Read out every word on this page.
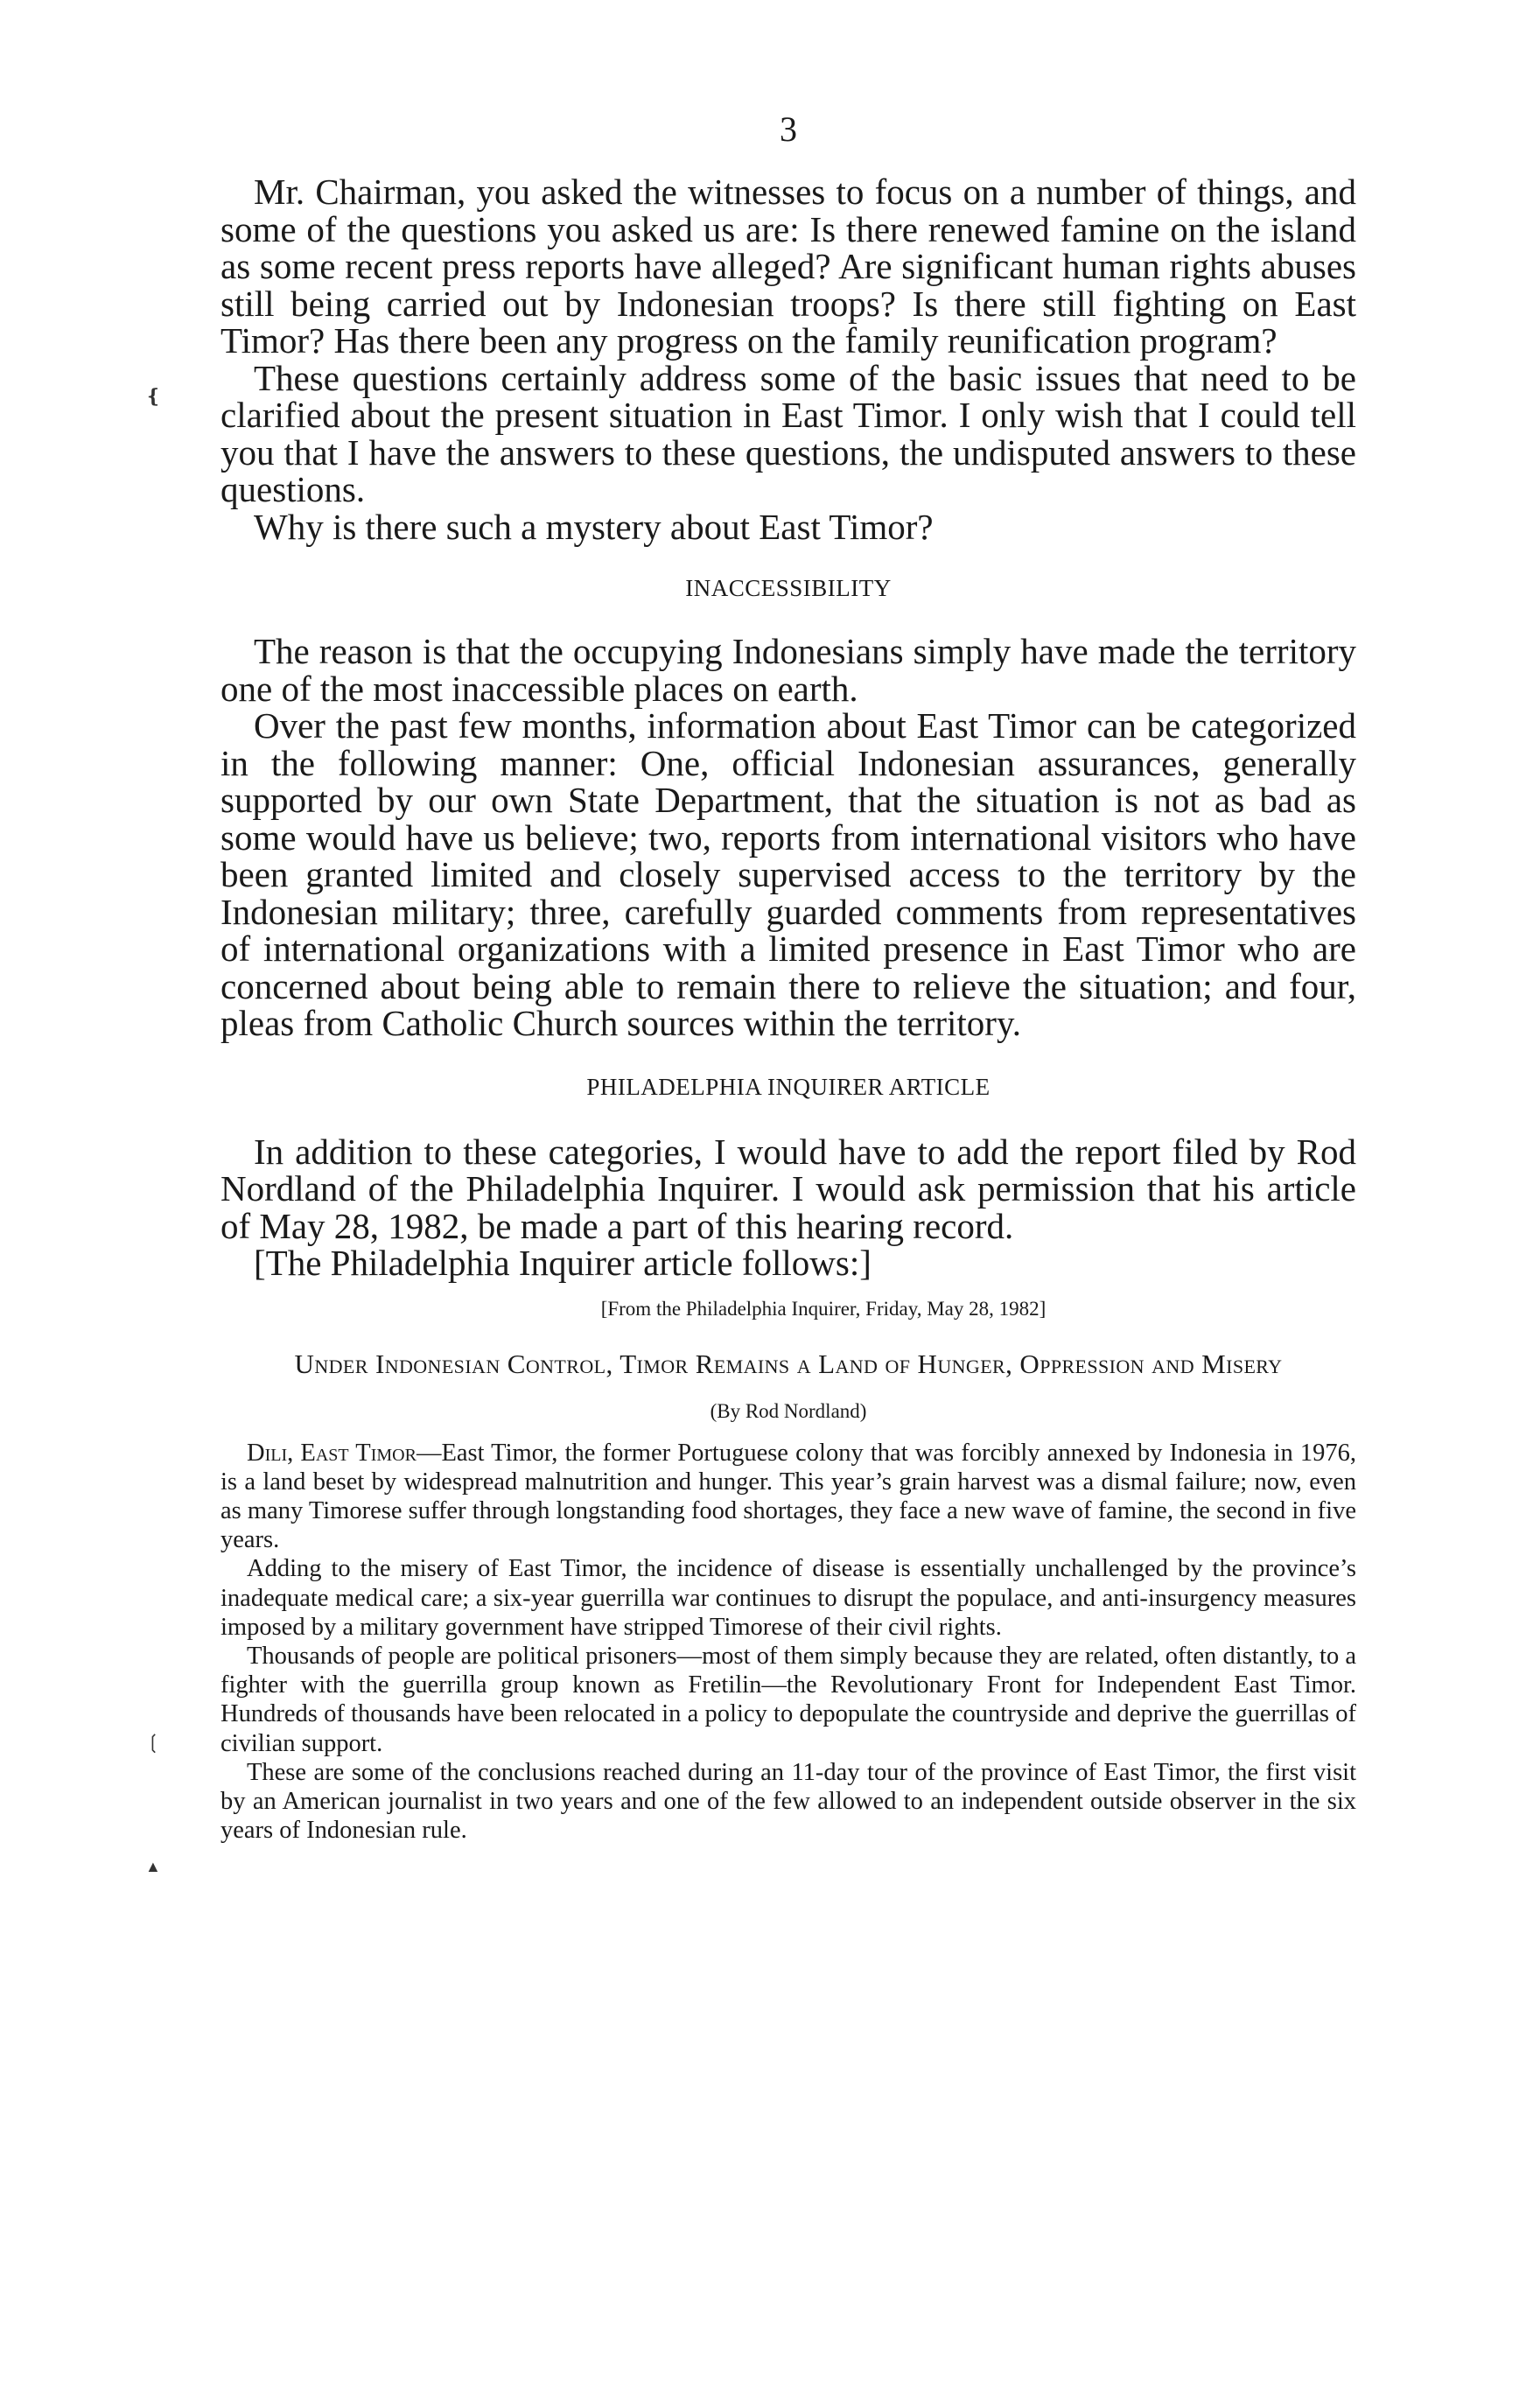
❴
❲
▲
3

Mr. Chairman, you asked the witnesses to focus on a number of things, and some of the questions you asked us are: Is there renewed famine on the island as some recent press reports have alleged? Are significant human rights abuses still being carried out by Indonesian troops? Is there still fighting on East Timor? Has there been any progress on the family reunification program?

These questions certainly address some of the basic issues that need to be clarified about the present situation in East Timor. I only wish that I could tell you that I have the answers to these questions, the undisputed answers to these questions.

Why is there such a mystery about East Timor?

INACCESSIBILITY

The reason is that the occupying Indonesians simply have made the territory one of the most inaccessible places on earth.

Over the past few months, information about East Timor can be categorized in the following manner: One, official Indonesian assurances, generally supported by our own State Department, that the situation is not as bad as some would have us believe; two, reports from international visitors who have been granted limited and closely supervised access to the territory by the Indonesian military; three, carefully guarded comments from representatives of international organizations with a limited presence in East Timor who are concerned about being able to remain there to relieve the situation; and four, pleas from Catholic Church sources within the territory.

PHILADELPHIA INQUIRER ARTICLE

In addition to these categories, I would have to add the report filed by Rod Nordland of the Philadelphia Inquirer. I would ask permission that his article of May 28, 1982, be made a part of this hearing record.

[The Philadelphia Inquirer article follows:]

[From the Philadelphia Inquirer, Friday, May 28, 1982]
Under Indonesian Control, Timor Remains a Land of Hunger, Oppression and Misery
(By Rod Nordland)

Dili, East Timor—East Timor, the former Portuguese colony that was forcibly annexed by Indonesia in 1976, is a land beset by widespread malnutrition and hunger. This year’s grain harvest was a dismal failure; now, even as many Timorese suffer through longstanding food shortages, they face a new wave of famine, the second in five years.

Adding to the misery of East Timor, the incidence of disease is essentially unchallenged by the province’s inadequate medical care; a six-year guerrilla war continues to disrupt the populace, and anti-insurgency measures imposed by a military government have stripped Timorese of their civil rights.

Thousands of people are political prisoners—most of them simply because they are related, often distantly, to a fighter with the guerrilla group known as Fretilin—the Revolutionary Front for Independent East Timor. Hundreds of thousands have been relocated in a policy to depopulate the countryside and deprive the guerrillas of civilian support.

These are some of the conclusions reached during an 11-day tour of the province of East Timor, the first visit by an American journalist in two years and one of the few allowed to an independent outside observer in the six years of Indonesian rule.
